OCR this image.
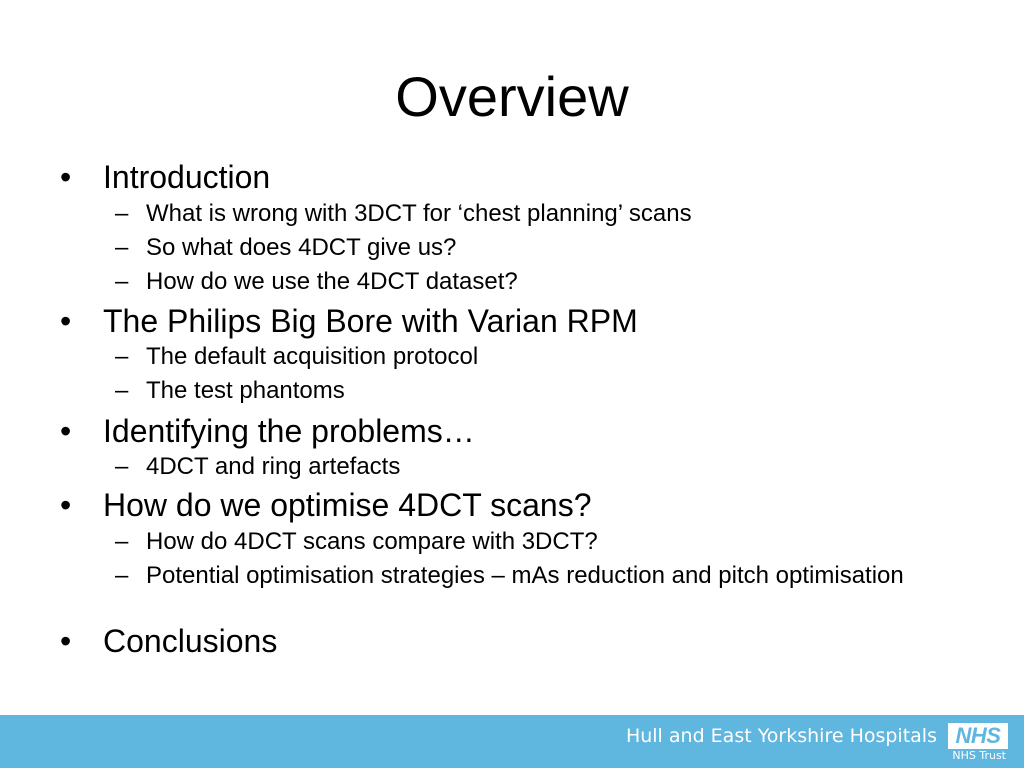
Overview
• Introduction
– What is wrong with 3DCT for ‘chest planning’ scans
– So what does 4DCT give us?
– How do we use the 4DCT dataset?
• The Philips Big Bore with Varian RPM
– The default acquisition protocol
– The test phantoms
• Identifying the problems…
– 4DCT and ring artefacts
• How do we optimise 4DCT scans?
– How do 4DCT scans compare with 3DCT?
– Potential optimisation strategies – mAs reduction and pitch optimisation
• Conclusions
Hull and East Yorkshire Hospitals NHS
NHS Trust
